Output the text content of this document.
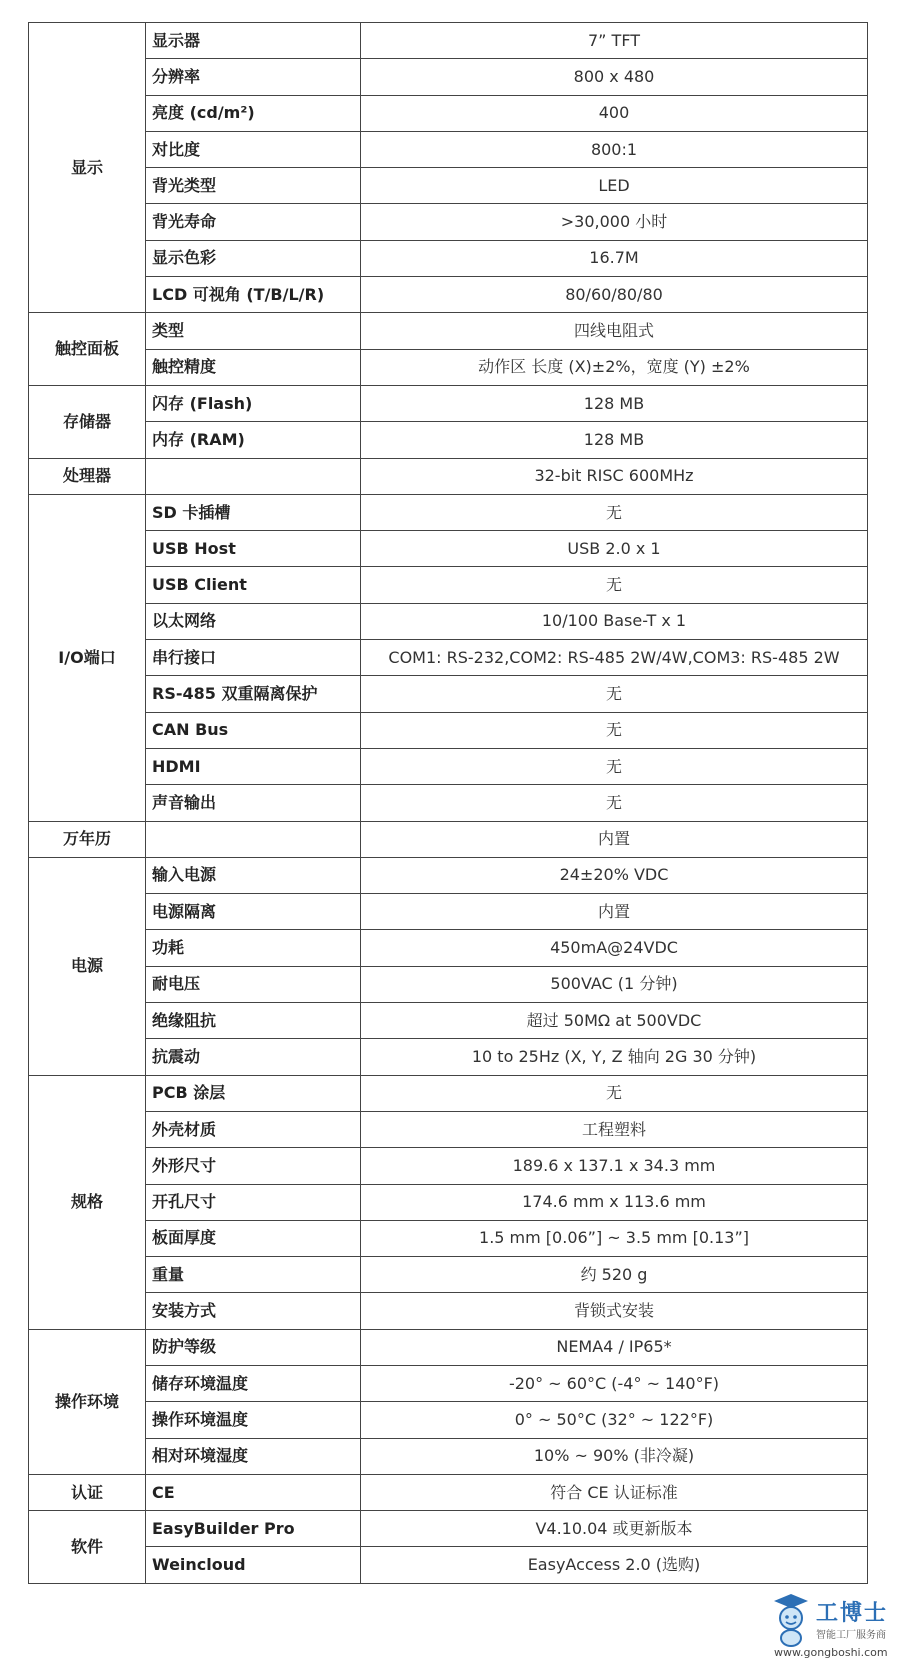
显示	显示器	7” TFT
	分辨率	800 x 480
	亮度 (cd/m²)	400
	对比度	800:1
	背光类型	LED
	背光寿命	>30,000 小时
	显示色彩	16.7M
	LCD 可视角 (T/B/L/R)	80/60/80/80
触控面板	类型	四线电阻式
	触控精度	动作区 长度 (X)±2%，宽度 (Y) ±2%
存储器	闪存 (Flash)	128 MB
	内存 (RAM)	128 MB
处理器		32-bit RISC 600MHz
I/O端口	SD 卡插槽	无
	USB Host	USB 2.0 x 1
	USB Client	无
	以太网络	10/100 Base-T x 1
	串行接口	COM1: RS-232,COM2: RS-485 2W/4W,COM3: RS-485 2W
	RS-485 双重隔离保护	无
	CAN Bus	无
	HDMI	无
	声音输出	无
万年历		内置
电源	输入电源	24±20% VDC
	电源隔离	内置
	功耗	450mA@24VDC
	耐电压	500VAC (1 分钟)
	绝缘阻抗	超过 50MΩ at 500VDC
	抗震动	10 to 25Hz (X, Y, Z 轴向 2G 30 分钟)
规格	PCB 涂层	无
	外壳材质	工程塑料
	外形尺寸	189.6 x 137.1 x 34.3 mm
	开孔尺寸	174.6 mm x 113.6 mm
	板面厚度	1.5 mm [0.06”] ~ 3.5 mm [0.13”]
	重量	约 520 g
	安装方式	背锁式安装
操作环境	防护等级	NEMA4 / IP65*
	储存环境温度	-20° ~ 60°C (-4° ~ 140°F)
	操作环境温度	0° ~ 50°C (32° ~ 122°F)
	相对环境湿度	10% ~ 90% (非冷凝)
认证	CE	符合 CE 认证标准
软件	EasyBuilder Pro	V4.10.04 或更新版本
	Weincloud	EasyAccess 2.0 (选购)
工博士
智能工厂服务商
www.gongboshi.com
